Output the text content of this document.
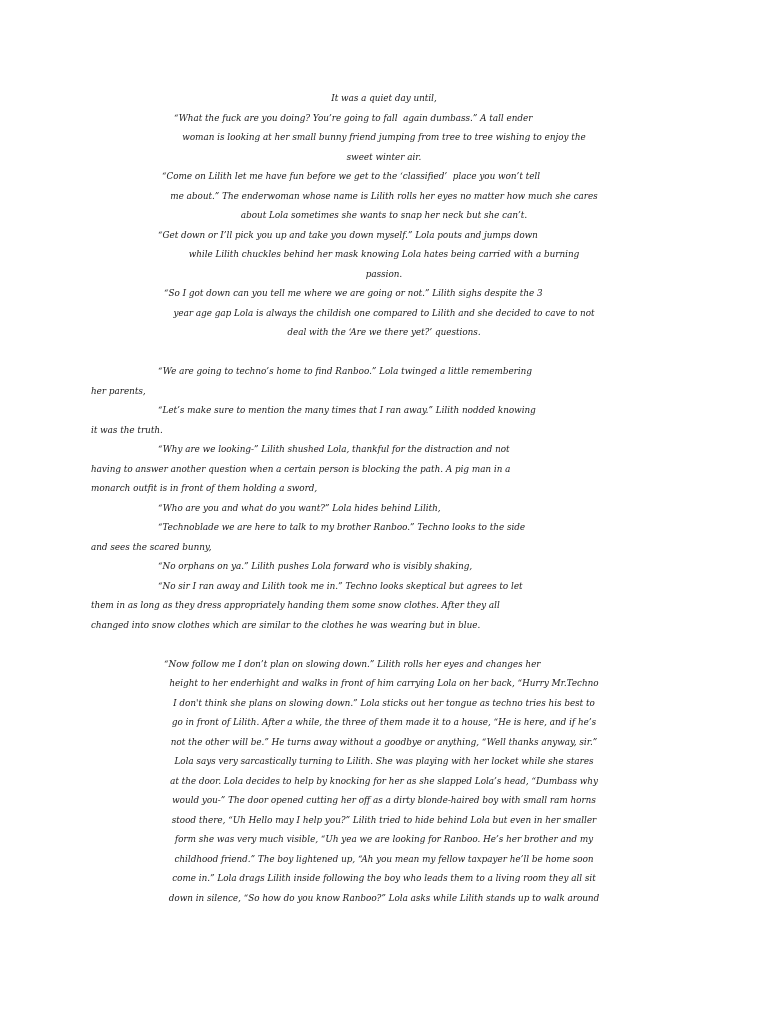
It was a quiet day until,
“What the fuck are you doing? You’re going to fall  again dumbass.” A tall ender
woman is looking at her small bunny friend jumping from tree to tree wishing to enjoy the
sweet winter air.
“Come on Lilith let me have fun before we get to the ‘classified’  place you won’t tell
me about.” The enderwoman whose name is Lilith rolls her eyes no matter how much she cares
about Lola sometimes she wants to snap her neck but she can’t.
“Get down or I’ll pick you up and take you down myself.” Lola pouts and jumps down
while Lilith chuckles behind her mask knowing Lola hates being carried with a burning
passion.
“So I got down can you tell me where we are going or not.” Lilith sighs despite the 3
year age gap Lola is always the childish one compared to Lilith and she decided to cave to not
deal with the ‘Are we there yet?’ questions.
“We are going to techno’s home to find Ranboo.” Lola twinged a little remembering
her parents,
“Let’s make sure to mention the many times that I ran away.” Lilith nodded knowing
it was the truth.
“Why are we looking-” Lilith shushed Lola, thankful for the distraction and not
having to answer another question when a certain person is blocking the path. A pig man in a
monarch outfit is in front of them holding a sword,
“Who are you and what do you want?” Lola hides behind Lilith,
“Technoblade we are here to talk to my brother Ranboo.” Techno looks to the side
and sees the scared bunny,
“No orphans on ya.” Lilith pushes Lola forward who is visibly shaking,
“No sir I ran away and Lilith took me in.” Techno looks skeptical but agrees to let
them in as long as they dress appropriately handing them some snow clothes. After they all
changed into snow clothes which are similar to the clothes he was wearing but in blue.
“Now follow me I don’t plan on slowing down.” Lilith rolls her eyes and changes her
height to her enderhight and walks in front of him carrying Lola on her back, “Hurry Mr.Techno
I don't think she plans on slowing down.” Lola sticks out her tongue as techno tries his best to
go in front of Lilith. After a while, the three of them made it to a house, “He is here, and if he’s
not the other will be.” He turns away without a goodbye or anything, “Well thanks anyway, sir.”
Lola says very sarcastically turning to Lilith. She was playing with her locket while she stares
at the door. Lola decides to help by knocking for her as she slapped Lola’s head, “Dumbass why
would you-” The door opened cutting her off as a dirty blonde-haired boy with small ram horns
stood there, “Uh Hello may I help you?” Lilith tried to hide behind Lola but even in her smaller
form she was very much visible, “Uh yea we are looking for Ranboo. He’s her brother and my
childhood friend.” The boy lightened up, “Ah you mean my fellow taxpayer he’ll be home soon
come in.” Lola drags Lilith inside following the boy who leads them to a living room they all sit
down in silence, “So how do you know Ranboo?” Lola asks while Lilith stands up to walk around
